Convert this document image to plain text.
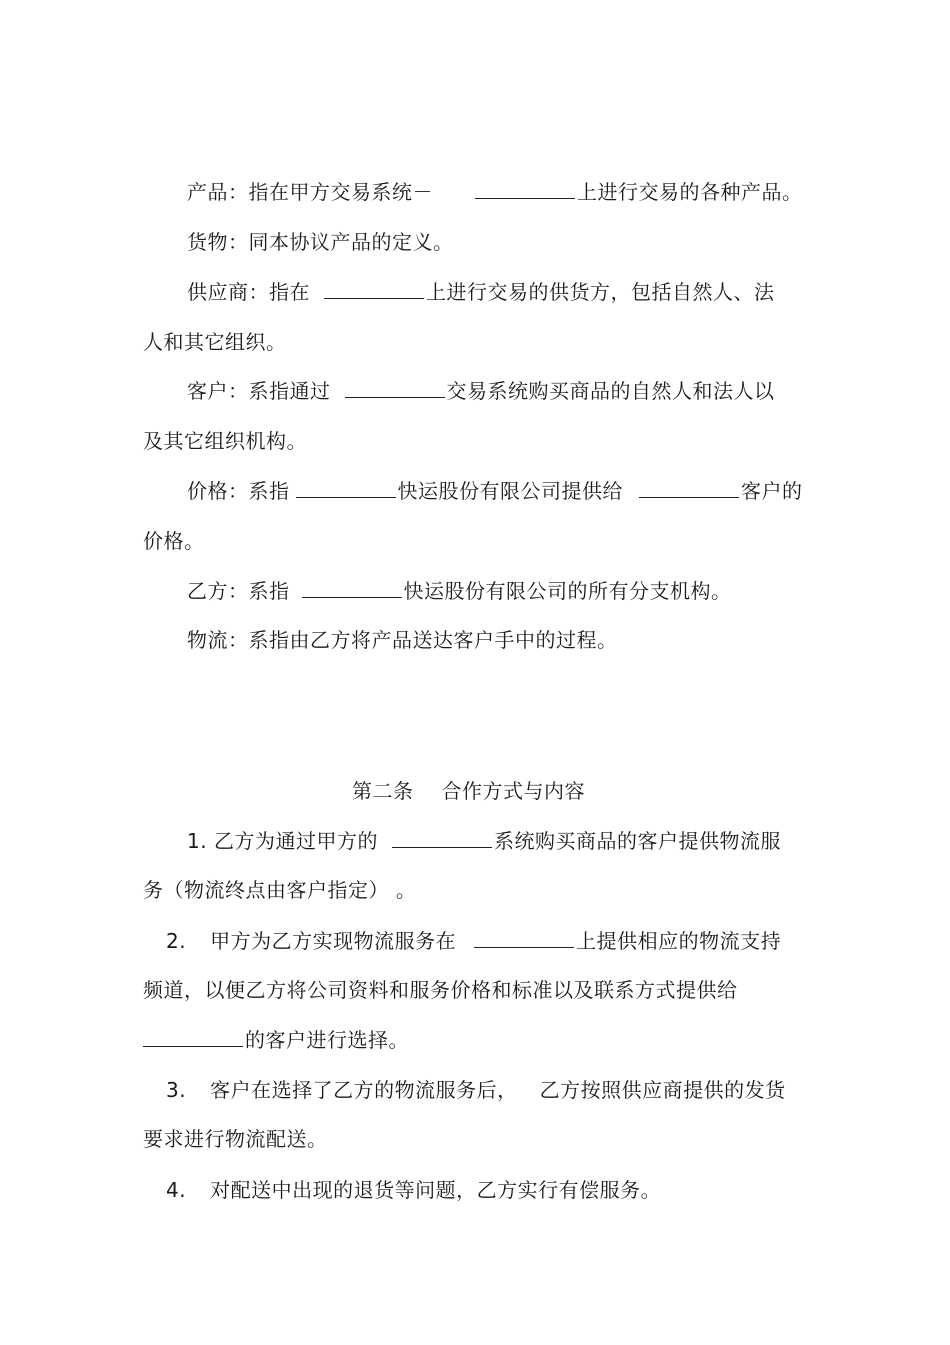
产品：指在甲方交易系统－	上进行交易的各种产品。
货物：同本协议产品的定义。
供应商：指在	上进行交易的供货方，包括自然人、法
人和其它组织。
客户：系指通过	交易系统购买商品的自然人和法人以
及其它组织机构。
价格：系指	快运股份有限公司提供给	客户的
价格。
乙方：系指	快运股份有限公司的所有分支机构。
物流：系指由乙方将产品送达客户手中的过程。
第二条 合作方式与内容
1. 乙方为通过甲方的	系统购买商品的客户提供物流服
务（物流终点由客户指定） 。
2. 甲方为乙方实现物流服务在	上提供相应的物流支持
频道，以便乙方将公司资料和服务价格和标准以及联系方式提供给
的客户进行选择。
3. 客户在选择了乙方的物流服务后， 乙方按照供应商提供的发货
要求进行物流配送。
4. 对配送中出现的退货等问题，乙方实行有偿服务。
